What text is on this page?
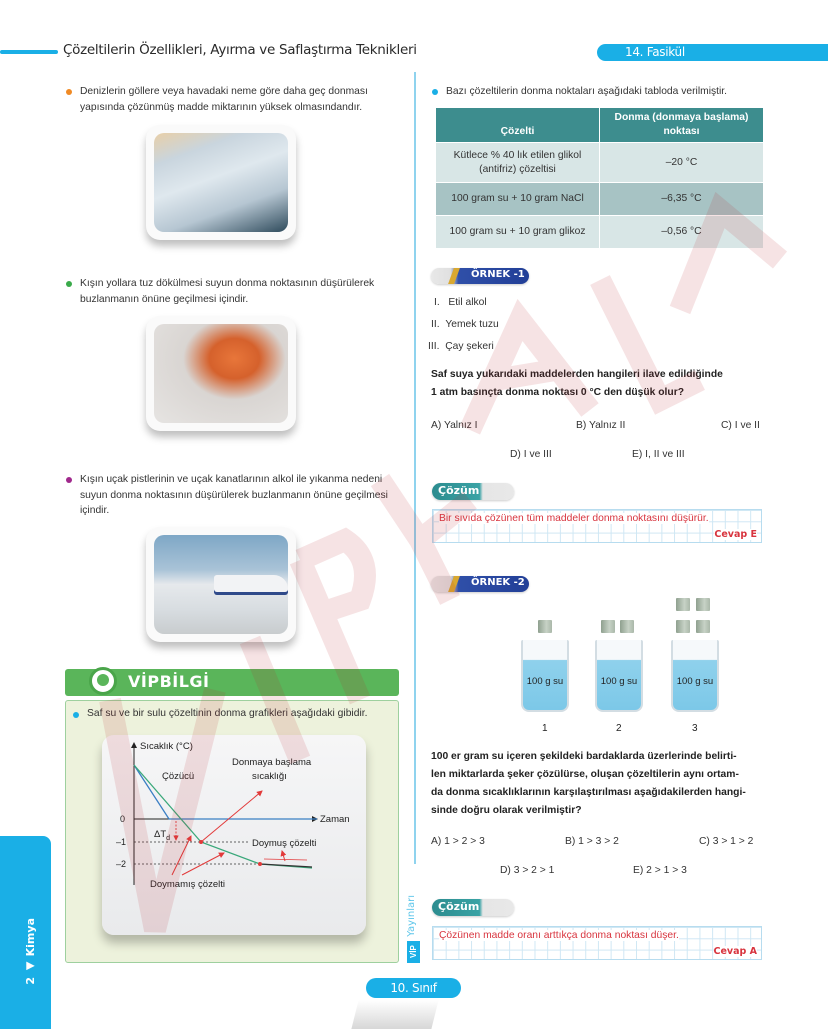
Çözeltilerin Özellikleri, Ayırma ve Saflaştırma Teknikleri	14. Fasikül
Denizlerin göllere veya havadaki neme göre daha geç donması yapısında çözünmüş madde miktarının yüksek olmasındandır.
Kışın yollara tuz dökülmesi suyun donma noktasının düşürülerek buzlanmanın önüne geçilmesi içindir.
Kışın uçak pistlerinin ve uçak kanatlarının alkol ile yıkanma nedeni suyun donma noktasının düşürülerek buzlanmanın önüne geçilmesi içindir.
VİPBİLGİ
Saf su ve bir sulu çözeltinin donma grafikleri aşağıdaki gibidir.
Sıcaklık (°C)
Zaman
0
–1
–2
Çözücü
Donmaya başlama
sıcaklığı
$\Delta T_d$	Doymuş çözelti
Doymamış çözelti
Bazı çözeltilerin donma noktaları aşağıdaki tabloda verilmiştir.
Çözelti	Donma (donmaya başlama)
noktası
Kütlece % 40 lık etilen glikol
(antifriz) çözeltisi	–20 °C
100 gram su + 10 gram NaCl	–6,35 °C
100 gram su + 10 gram glikoz	–0,56 °C
ÖRNEK -1
I. Etil alkol
II. Yemek tuzu
III. Çay şekeri
Saf suya yukarıdaki maddelerden hangileri ilave edildiğinde
1 atm basınçta donma noktası 0 °C den düşük olur?
A) Yalnız I	B) Yalnız II	C) I ve II
D) I ve III	E) I, II ve III
Çözüm
Bir sıvıda çözünen tüm maddeler donma noktasını düşürür.
Cevap E
ÖRNEK -2
100 g su
1
100 g su
2
100 g su
3
100 er gram su içeren şekildeki bardaklarda üzerlerinde belirti-
len miktarlarda şeker çözülürse, oluşan çözeltilerin aynı ortam-
da donma sıcaklıklarının karşılaştırılması aşağıdakilerden hangi-
sinde doğru olarak verilmiştir?
A) 1 > 2 > 3	B) 1 > 3 > 2	C) 3 > 1 > 2
D) 3 > 2 > 1	E) 2 > 1 > 3
Çözüm
Çözünen madde oranı arttıkça donma noktası düşer.
Cevap A
Yayınları
VİP
2 ◀ Kimya
10. Sınıf
